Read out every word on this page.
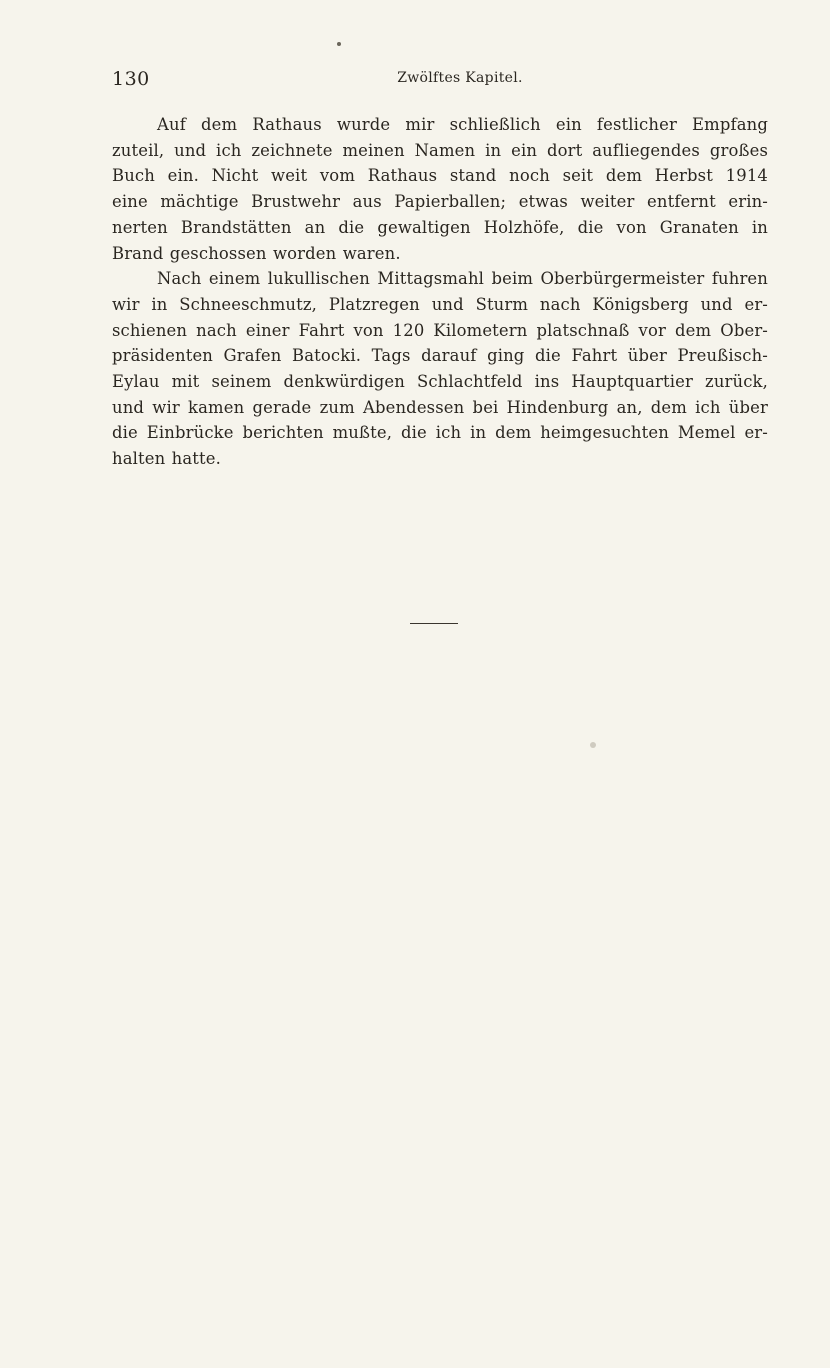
130	Zwölftes Kapitel.

Auf dem Rathaus wurde mir schließlich ein festlicher Empfang
zuteil, und ich zeichnete meinen Namen in ein dort aufliegendes großes
Buch ein. Nicht weit vom Rathaus stand noch seit dem Herbst 1914
eine mächtige Brustwehr aus Papierballen; etwas weiter entfernt erin-
nerten Brandstätten an die gewaltigen Holzhöfe, die von Granaten in
Brand geschossen worden waren.

Nach einem lukullischen Mittagsmahl beim Oberbürgermeister fuhren
wir in Schneeschmutz, Platzregen und Sturm nach Königsberg und er-
schienen nach einer Fahrt von 120 Kilometern platschnaß vor dem Ober-
präsidenten Grafen Batocki. Tags darauf ging die Fahrt über Preußisch-
Eylau mit seinem denkwürdigen Schlachtfeld ins Hauptquartier zurück,
und wir kamen gerade zum Abendessen bei Hindenburg an, dem ich über
die Einbrücke berichten mußte, die ich in dem heimgesuchten Memel er-
halten hatte.
